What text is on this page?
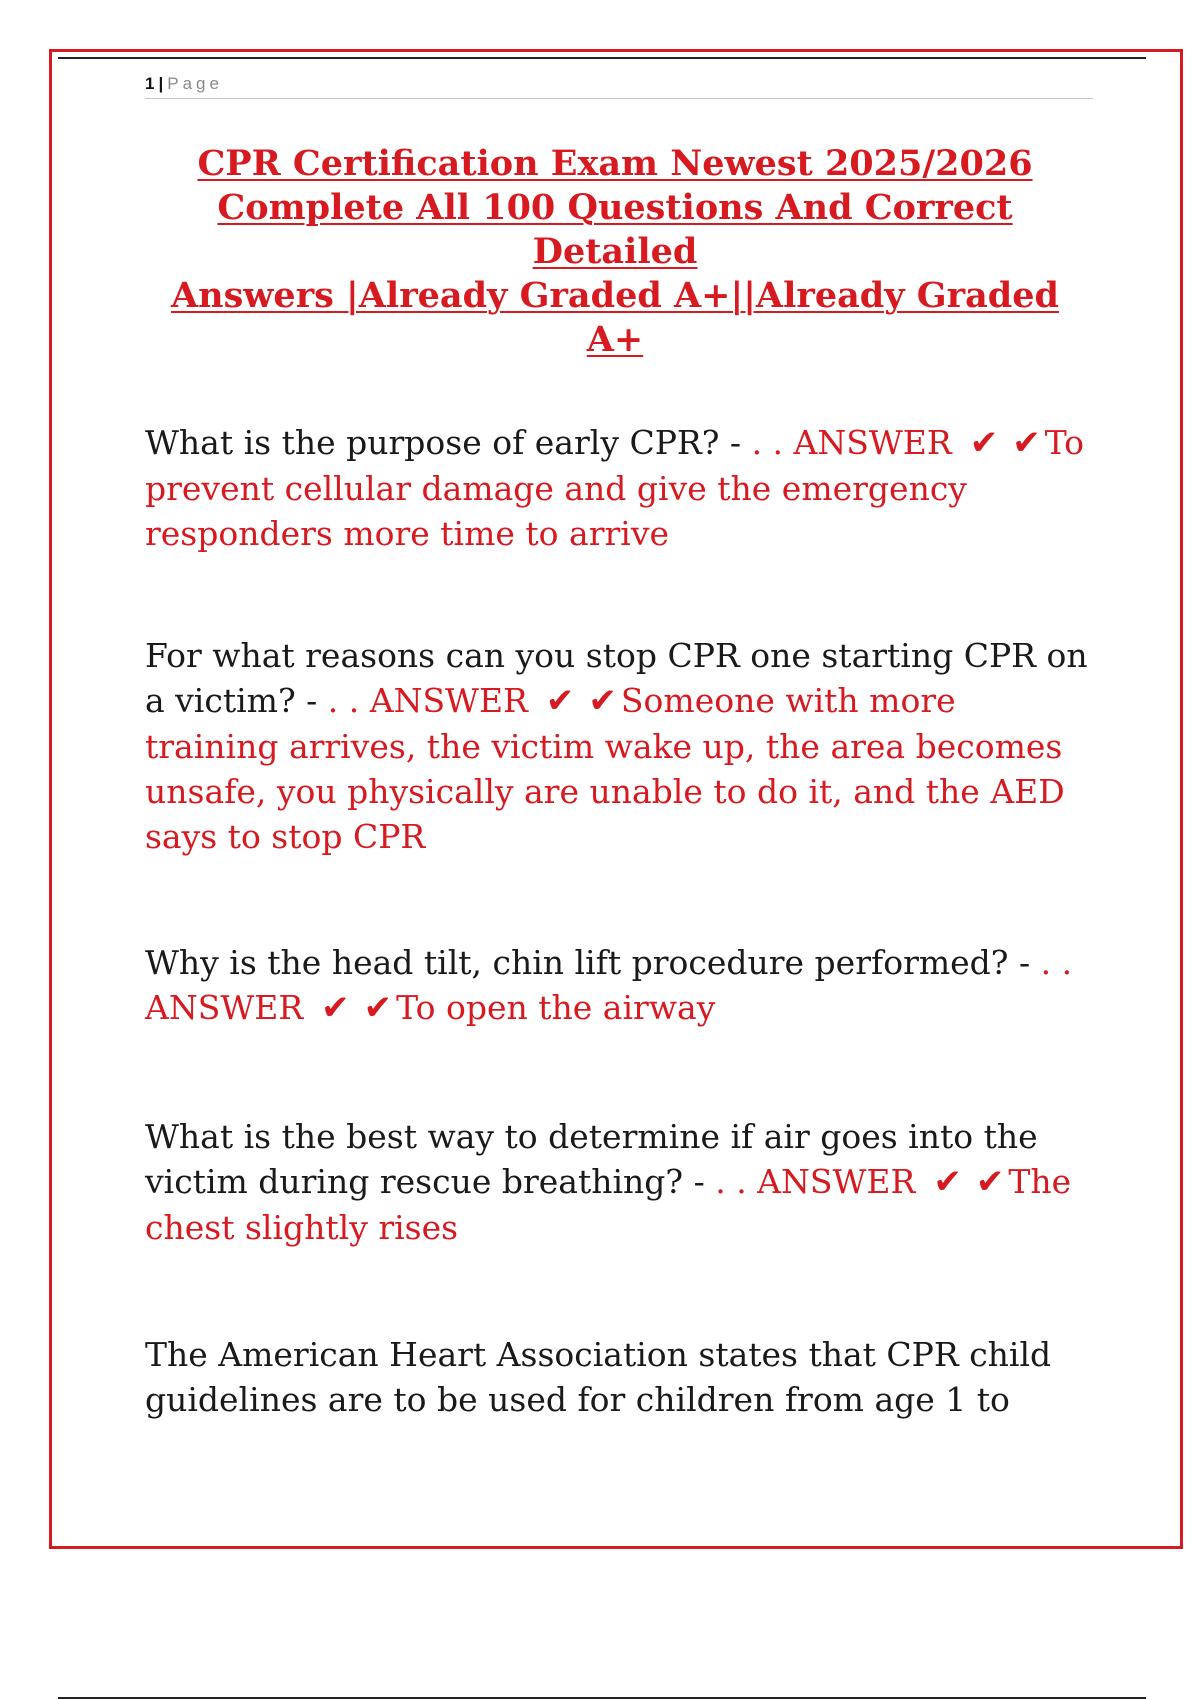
1 | Page
CPR Certification Exam Newest 2025/2026
Complete All 100 Questions And Correct Detailed
Answers |Already Graded A+||Already Graded A+
What is the purpose of early CPR? - . . ANSWER ✔ ✔ To prevent cellular damage and give the emergency responders more time to arrive
For what reasons can you stop CPR one starting CPR on a victim? - . . ANSWER ✔ ✔ Someone with more training arrives, the victim wake up, the area becomes unsafe, you physically are unable to do it, and the AED says to stop CPR
Why is the head tilt, chin lift procedure performed? - . . ANSWER ✔ ✔ To open the airway
What is the best way to determine if air goes into the victim during rescue breathing? - . . ANSWER ✔ ✔ The chest slightly rises
The American Heart Association states that CPR child guidelines are to be used for children from age 1 to
